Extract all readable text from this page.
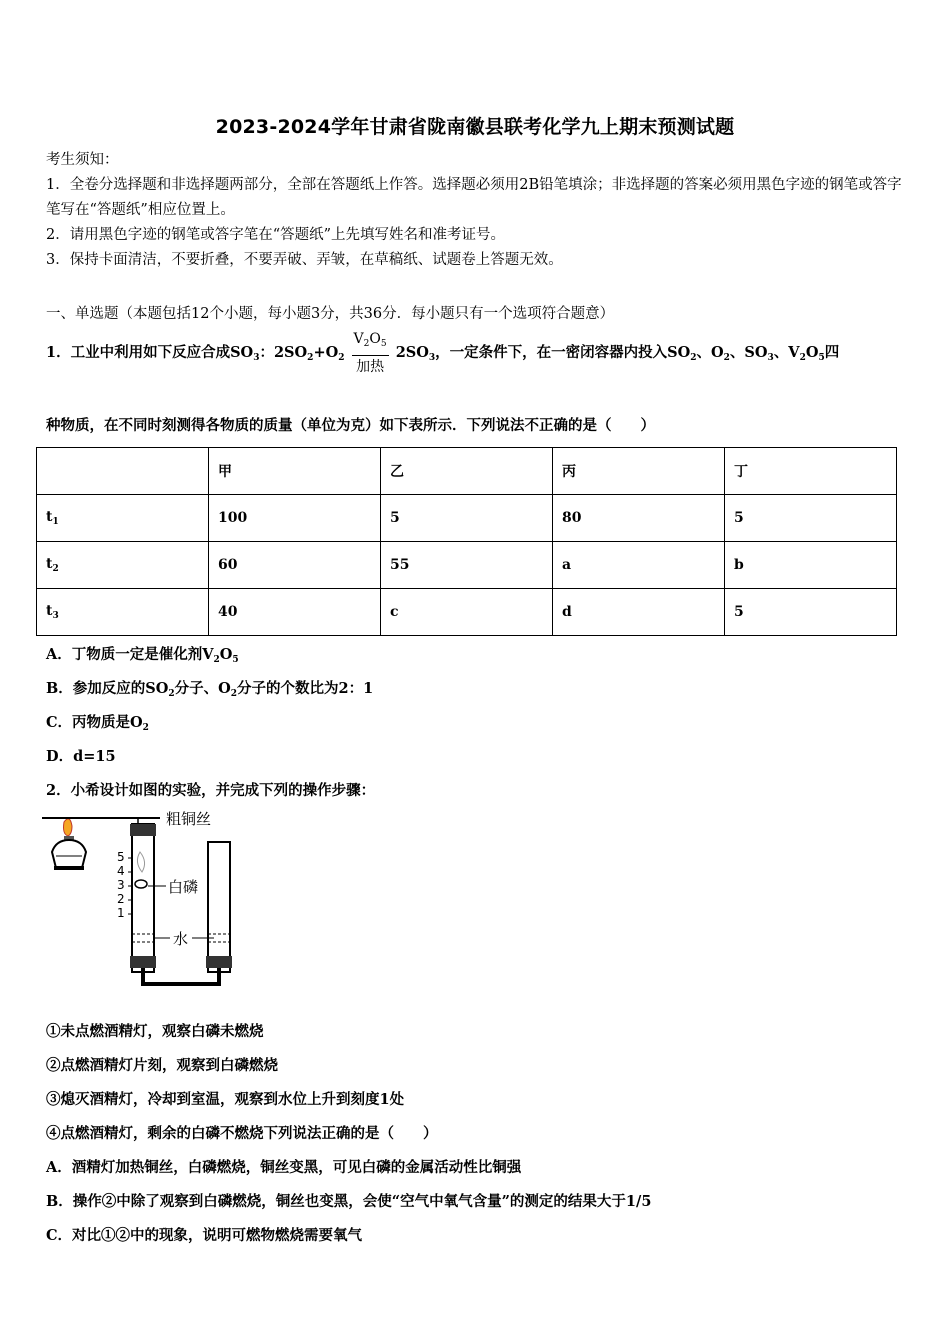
2023-2024学年甘肃省陇南徽县联考化学九上期末预测试题
考生须知：
1．全卷分选择题和非选择题两部分，全部在答题纸上作答。选择题必须用2B铅笔填涂；非选择题的答案必须用黑色字迹的钢笔或答字笔写在“答题纸”相应位置上。
2．请用黑色字迹的钢笔或答字笔在“答题纸”上先填写姓名和准考证号。
3．保持卡面清洁，不要折叠，不要弄破、弄皱，在草稿纸、试题卷上答题无效。
一、单选题（本题包括12个小题，每小题3分，共36分．每小题只有一个选项符合题意）
1．工业中利用如下反应合成$SO_3$：$2SO_2+O_2 \frac{V_2O_5}{\text{加热}} 2SO_3$，一定条件下，在一密闭容器内投入$SO_2$、$O_2$、$SO_3$、$V_2O_5$四
种物质，在不同时刻测得各物质的质量（单位为克）如下表所示．下列说法不正确的是（　　）
	甲	乙	丙	丁
$t_1$	100	5	80	5
$t_2$	60	55	a	b
$t_3$	40	c	d	5
A．丁物质一定是催化剂$V_2O_5$
B．参加反应的$SO_2$分子、$O_2$分子的个数比为2：1
C．丙物质是$O_2$
D．d=15
2．小希设计如图的实验，并完成下列的操作步骤：
粗铜丝
白磷
水
5
4
3
2
1
①未点燃酒精灯，观察白磷未燃烧
②点燃酒精灯片刻，观察到白磷燃烧
③熄灭酒精灯，冷却到室温，观察到水位上升到刻度1处
④点燃酒精灯，剩余的白磷不燃烧下列说法正确的是（　　）
A．酒精灯加热铜丝，白磷燃烧，铜丝变黑，可见白磷的金属活动性比铜强
B．操作②中除了观察到白磷燃烧，铜丝也变黑，会使“空气中氧气含量”的测定的结果大于1/5
C．对比①②中的现象，说明可燃物燃烧需要氧气
